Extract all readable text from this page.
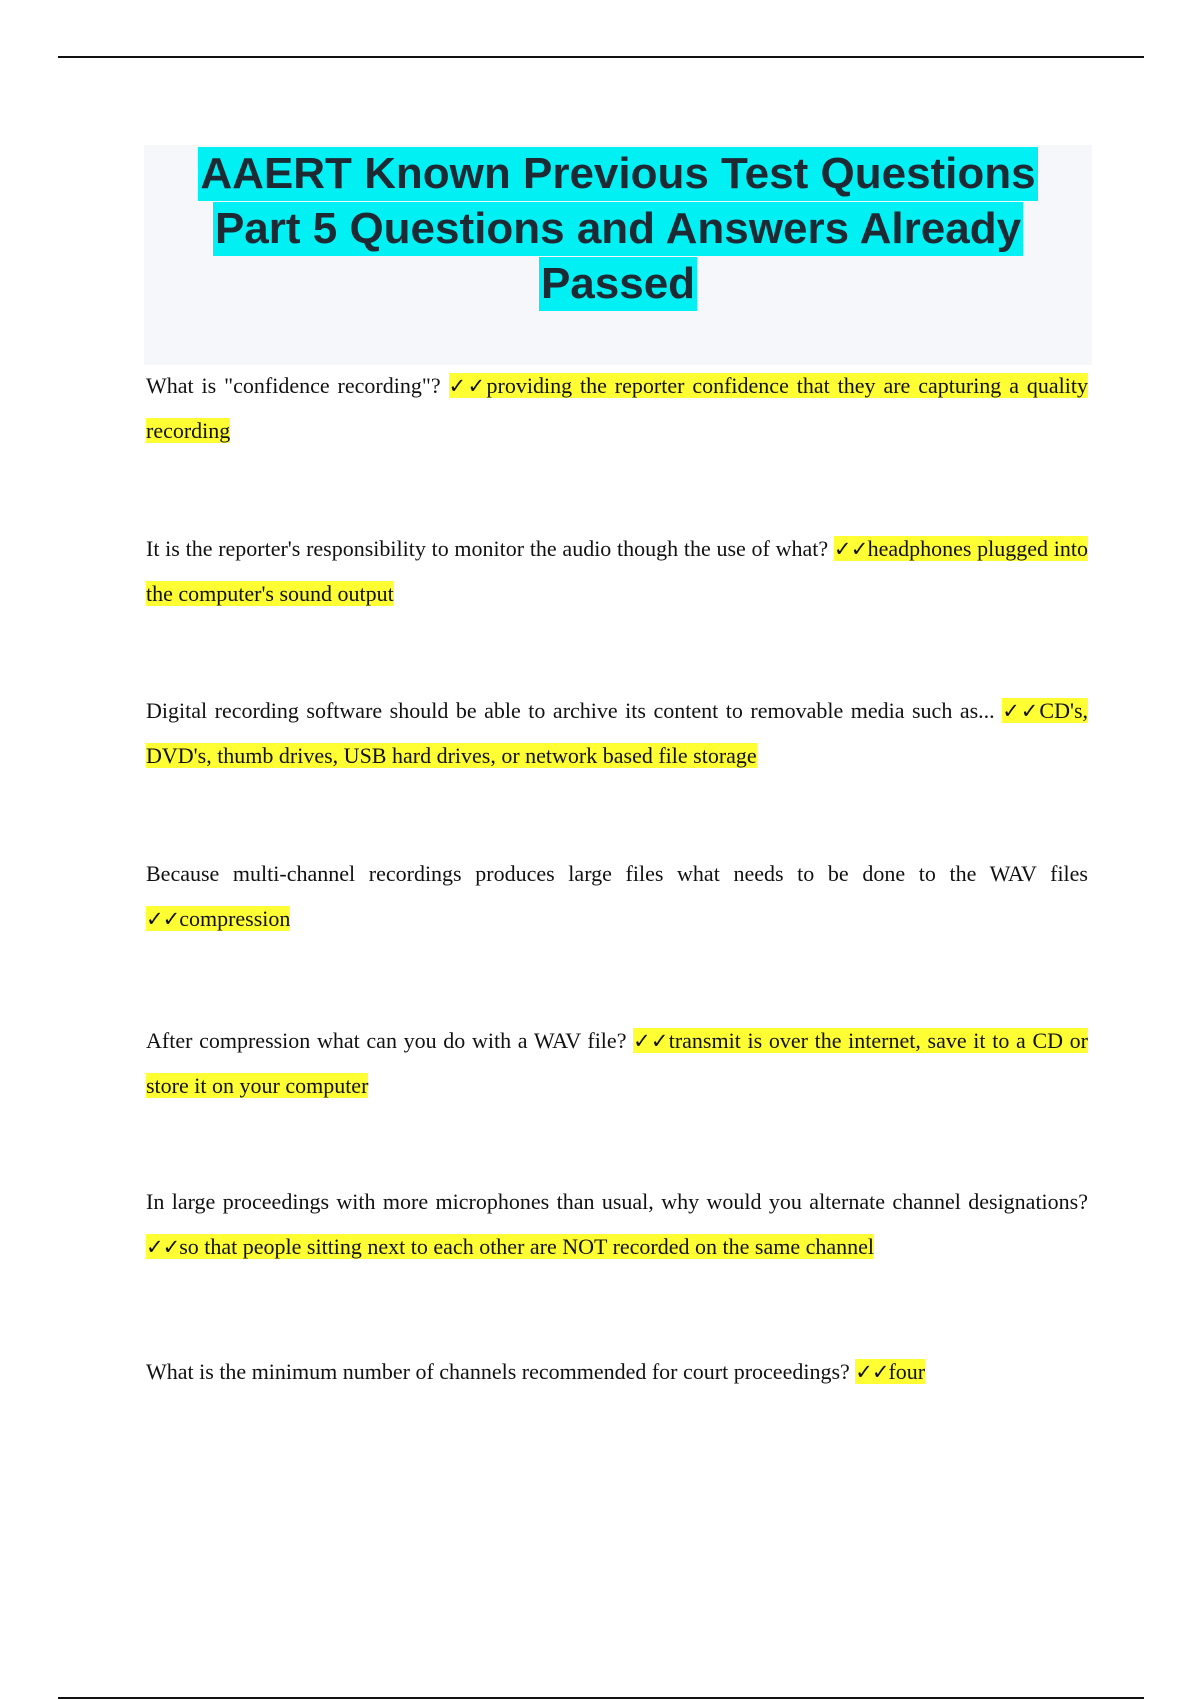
AAERT Known Previous Test Questions
Part 5 Questions and Answers Already
Passed
What is "confidence recording"? ✓✓providing the reporter confidence that they are capturing a quality recording
It is the reporter's responsibility to monitor the audio though the use of what? ✓✓headphones plugged into the computer's sound output
Digital recording software should be able to archive its content to removable media such as... ✓✓CD's, DVD's, thumb drives, USB hard drives, or network based file storage
Because multi-channel recordings produces large files what needs to be done to the WAV files ✓✓compression
After compression what can you do with a WAV file? ✓✓transmit is over the internet, save it to a CD or store it on your computer
In large proceedings with more microphones than usual, why would you alternate channel designations? ✓✓so that people sitting next to each other are NOT recorded on the same channel
What is the minimum number of channels recommended for court proceedings? ✓✓four
